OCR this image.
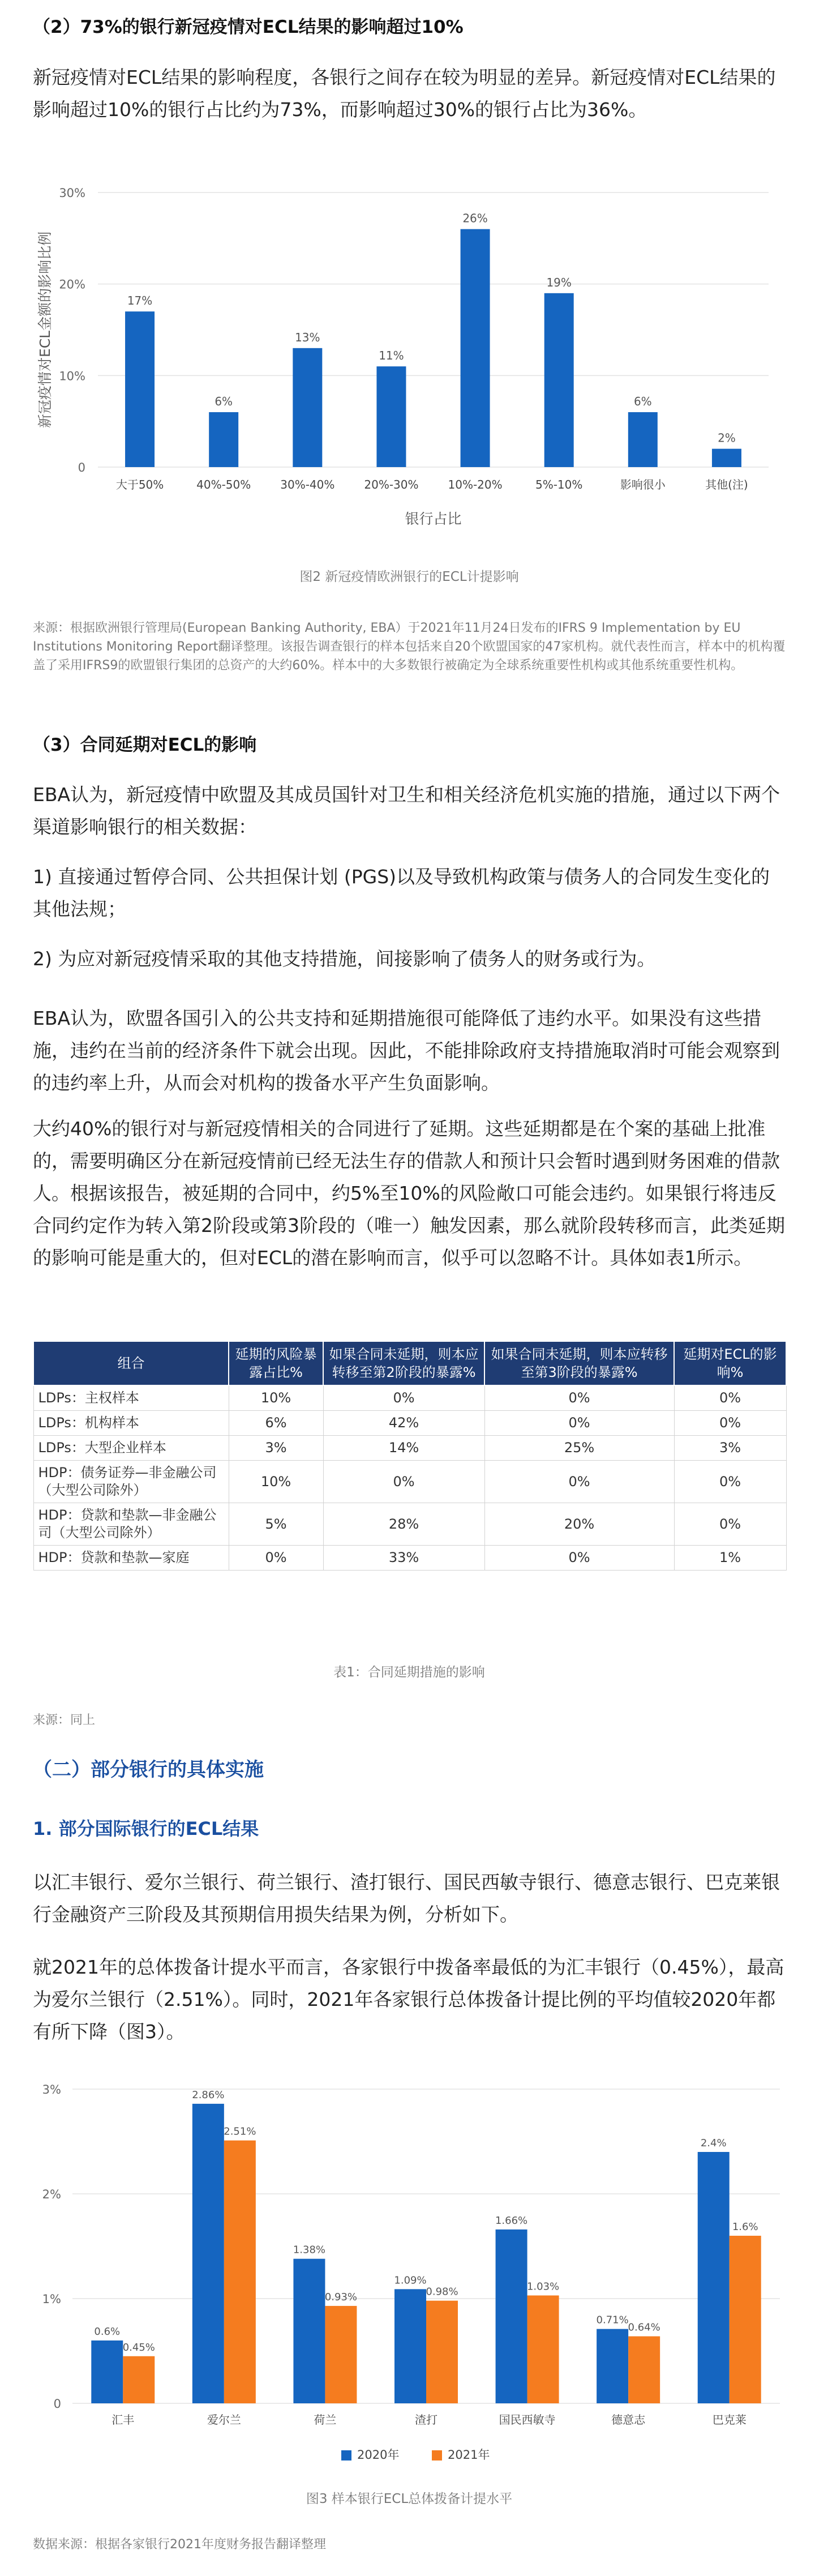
（2）73%的银行新冠疫情对ECL结果的影响超过10%
新冠疫情对ECL结果的影响程度，各银行之间存在较为明显的差异。新冠疫情对ECL结果的影响超过10%的银行占比约为73%，而影响超过30%的银行占比为36%。
0
10%
20%
30%
17%
大于50%
6%
40%-50%
13%
30%-40%
11%
20%-30%
26%
10%-20%
19%
5%-10%
6%
影响很小
2%
其他(注)
银行占比
新冠疫情对ECL金额的影响比例
图2 新冠疫情欧洲银行的ECL计提影响
来源：根据欧洲银行管理局(European Banking Authority, EBA）于2021年11月24日发布的IFRS 9 Implementation by EU Institutions Monitoring Report翻译整理。该报告调查银行的样本包括来自20个欧盟国家的47家机构。就代表性而言，样本中的机构覆盖了采用IFRS9的欧盟银行集团的总资产的大约60%。样本中的大多数银行被确定为全球系统重要性机构或其他系统重要性机构。
（3）合同延期对ECL的影响
EBA认为，新冠疫情中欧盟及其成员国针对卫生和相关经济危机实施的措施，通过以下两个渠道影响银行的相关数据：
1) 直接通过暂停合同、公共担保计划 (PGS)以及导致机构政策与债务人的合同发生变化的其他法规；
2) 为应对新冠疫情采取的其他支持措施，间接影响了债务人的财务或行为。
EBA认为，欧盟各国引入的公共支持和延期措施很可能降低了违约水平。如果没有这些措施，违约在当前的经济条件下就会出现。因此，不能排除政府支持措施取消时可能会观察到的违约率上升，从而会对机构的拨备水平产生负面影响。
大约40%的银行对与新冠疫情相关的合同进行了延期。这些延期都是在个案的基础上批准的，需要明确区分在新冠疫情前已经无法生存的借款人和预计只会暂时遇到财务困难的借款人。根据该报告，被延期的合同中，约5%至10%的风险敞口可能会违约。如果银行将违反合同约定作为转入第2阶段或第3阶段的（唯一）触发因素，那么就阶段转移而言，此类延期的影响可能是重大的，但对ECL的潜在影响而言，似乎可以忽略不计。具体如表1所示。
组合	延期的风险暴露占比%	如果合同未延期，则本应转移至第2阶段的暴露%	如果合同未延期，则本应转移至第3阶段的暴露%	延期对ECL的影响%
LDPs：主权样本	10%	0%	0%	0%
LDPs：机构样本	6%	42%	0%	0%
LDPs：大型企业样本	3%	14%	25%	3%
HDP：债务证券—非金融公司（大型公司除外）	10%	0%	0%	0%
HDP：贷款和垫款—非金融公司（大型公司除外）	5%	28%	20%	0%
HDP：贷款和垫款—家庭	0%	33%	0%	1%
表1：合同延期措施的影响
来源：同上
（二）部分银行的具体实施
1. 部分国际银行的ECL结果
以汇丰银行、爱尔兰银行、荷兰银行、渣打银行、国民西敏寺银行、德意志银行、巴克莱银行金融资产三阶段及其预期信用损失结果为例，分析如下。
就2021年的总体拨备计提水平而言，各家银行中拨备率最低的为汇丰银行（0.45%），最高为爱尔兰银行（2.51%）。同时，2021年各家银行总体拨备计提比例的平均值较2020年都有所下降（图3）。
0
1%
2%
3%
0.6%
0.45%
汇丰
2.86%
2.51%
爱尔兰
1.38%
0.93%
荷兰
1.09%
0.98%
渣打
1.66%
1.03%
国民西敏寺
0.71%
0.64%
德意志
2.4%
1.6%
巴克莱
2020年	2021年
图3 样本银行ECL总体拨备计提水平
数据来源：根据各家银行2021年度财务报告翻译整理
